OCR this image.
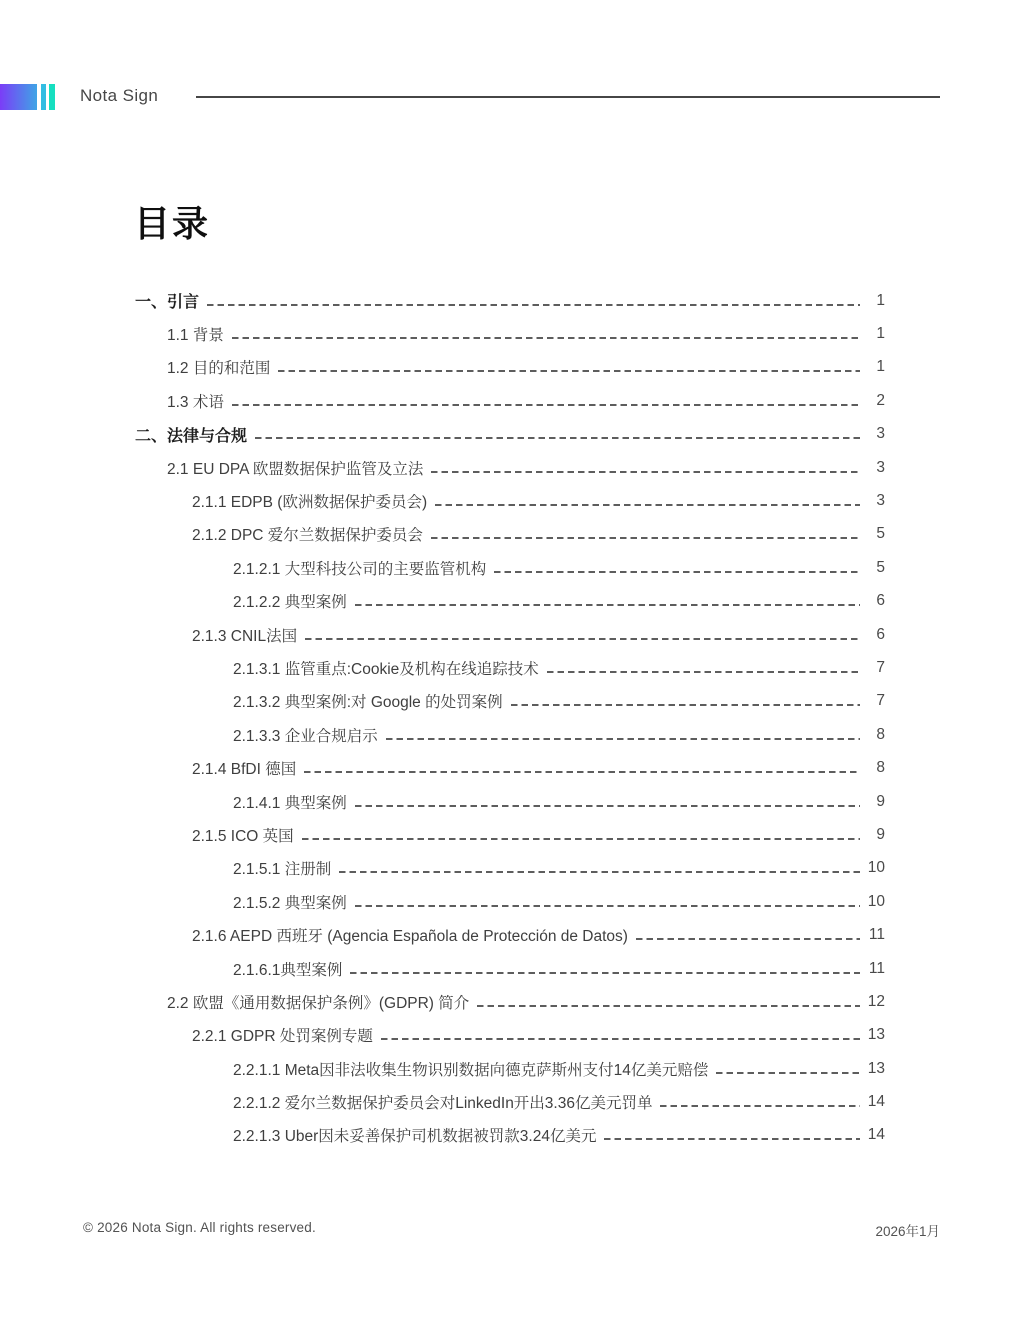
Nota Sign
目录
一、引言	1
1.1 背景	1
1.2 目的和范围	1
1.3 术语	2
二、法律与合规	3
2.1 EU DPA 欧盟数据保护监管及立法	3
2.1.1 EDPB (欧洲数据保护委员会)	3
2.1.2 DPC 爱尔兰数据保护委员会	5
2.1.2.1 大型科技公司的主要监管机构	5
2.1.2.2 典型案例	6
2.1.3 CNIL法国	6
2.1.3.1 监管重点:Cookie及机构在线追踪技术	7
2.1.3.2 典型案例:对 Google 的处罚案例	7
2.1.3.3 企业合规启示	8
2.1.4 BfDI 德国	8
2.1.4.1 典型案例	9
2.1.5 ICO 英国	9
2.1.5.1 注册制	10
2.1.5.2 典型案例	10
2.1.6 AEPD 西班牙 (Agencia Española de Protección de Datos)	11
2.1.6.1典型案例	11
2.2 欧盟《通用数据保护条例》(GDPR) 简介	12
2.2.1 GDPR 处罚案例专题	13
2.2.1.1 Meta因非法收集生物识别数据向德克萨斯州支付14亿美元赔偿	13
2.2.1.2 爱尔兰数据保护委员会对LinkedIn开出3.36亿美元罚单	14
2.2.1.3 Uber因未妥善保护司机数据被罚款3.24亿美元	14
© 2026 Nota Sign. All rights reserved.	2026年1月
